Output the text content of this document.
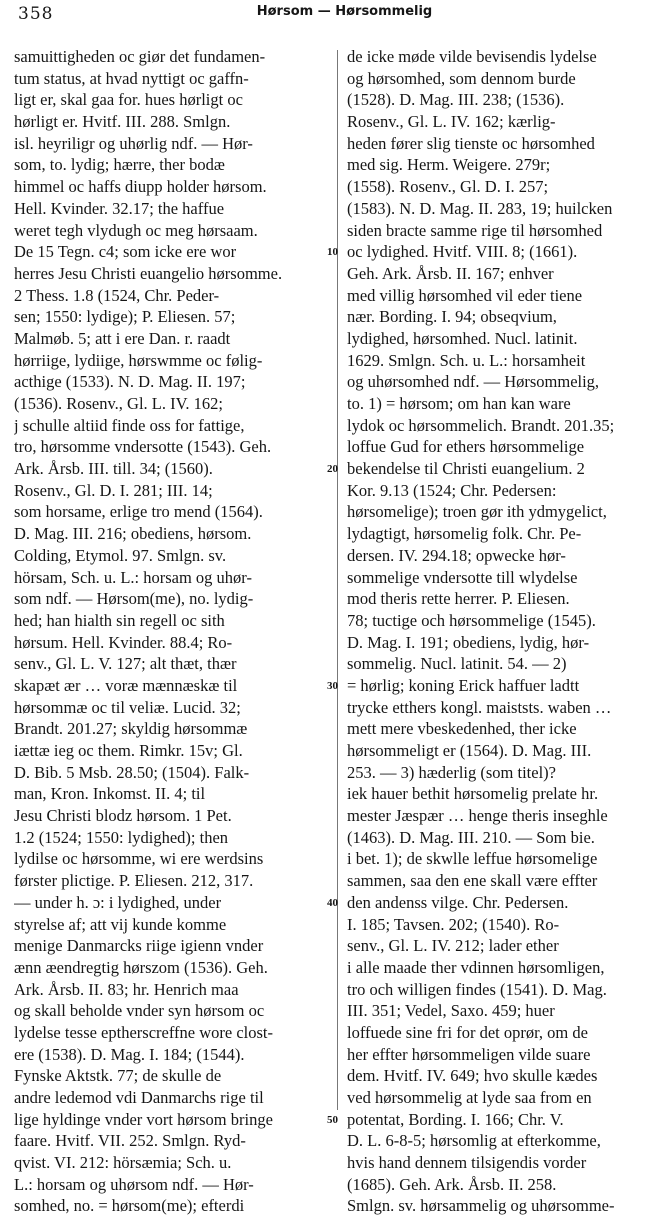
358	Hørsom — Hørsommelig
samuittigheden oc giør det fundamen-
tum status, at hvad nyttigt oc gaffn-
ligt er, skal gaa for. hues hørligt oc
hørligt er. Hvitf. III. 288. Smlgn.
isl. heyriligr og uhørlig ndf. — Hør-
som, to. lydig; hærre, ther bodæ
himmel oc haffs diupp holder hørsom.
Hell. Kvinder. 32.17; the haffue
weret tegh vlydugh oc meg hørsaam.
De 15 Tegn. c4; som icke ere wor
herres Jesu Christi euangelio hørsomme.
2 Thess. 1.8 (1524, Chr. Peder-
sen; 1550: lydige); P. Eliesen. 57;
Malmøb. 5; att i ere Dan. r. raadt
hørriige, lydiige, hørswmme oc følig-
acthige (1533). N. D. Mag. II. 197;
(1536). Rosenv., Gl. L. IV. 162;
j schulle altiid finde oss for fattige,
tro, hørsomme vndersotte (1543). Geh.
Ark. Årsb. III. till. 34; (1560).
Rosenv., Gl. D. I. 281; III. 14;
som horsame, erlige tro mend (1564).
D. Mag. III. 216; obediens, hørsom.
Colding, Etymol. 97. Smlgn. sv.
hörsam, Sch. u. L.: horsam og uhør-
som ndf. — Hørsom(me), no. lydig-
hed; han hialth sin regell oc sith
hørsum. Hell. Kvinder. 88.4; Ro-
senv., Gl. L. V. 127; alt thæt, thær
skapæt ær … voræ mænnæskæ til
hørsommæ oc til veliæ. Lucid. 32;
Brandt. 201.27; skyldig hørsommæ
iættæ ieg oc them. Rimkr. 15v; Gl.
D. Bib. 5 Msb. 28.50; (1504). Falk-
man, Kron. Inkomst. II. 4; til
Jesu Christi blodz hørsom. 1 Pet.
1.2 (1524; 1550: lydighed); then
lydilse oc hørsomme, wi ere werdsins
førster plictige. P. Eliesen. 212, 317.
— under h. ɔ: i lydighed, under
styrelse af; att vij kunde komme
menige Danmarcks riige igienn vnder
ænn æendregtig hørszom (1536). Geh.
Ark. Årsb. II. 83; hr. Henrich maa
og skall beholde vnder syn hørsom oc
lydelse tesse eptherscreffne wore clost-
ere (1538). D. Mag. I. 184; (1544).
Fynske Aktstk. 77; de skulle de
andre ledemod vdi Danmarchs rige til
lige hyldinge vnder vort hørsom bringe
faare. Hvitf. VII. 252. Smlgn. Ryd-
qvist. VI. 212: hörsæmia; Sch. u.
L.: horsam og uhørsom ndf. — Hør-
somhed, no. = hørsom(me); efterdi
de icke møde vilde bevisendis lydelse
og hørsomhed, som dennom burde
(1528). D. Mag. III. 238; (1536).
Rosenv., Gl. L. IV. 162; kærlig-
heden fører slig tienste oc hørsomhed
med sig. Herm. Weigere. 279r;
(1558). Rosenv., Gl. D. I. 257;
(1583). N. D. Mag. II. 283, 19; huilcken
siden bracte samme rige til hørsomhed
oc lydighed. Hvitf. VIII. 8; (1661).
Geh. Ark. Årsb. II. 167; enhver
med villig hørsomhed vil eder tiene
nær. Bording. I. 94; obseqvium,
lydighed, hørsomhed. Nucl. latinit.
1629. Smlgn. Sch. u. L.: horsamheit
og uhørsomhed ndf. — Hørsommelig,
to. 1) = hørsom; om han kan ware
lydok oc hørsommelich. Brandt. 201.35;
loffue Gud for ethers hørsommelige
bekendelse til Christi euangelium. 2
Kor. 9.13 (1524; Chr. Pedersen:
hørsomelige); troen gør ith ydmygelict,
lydagtigt, hørsomelig folk. Chr. Pe-
dersen. IV. 294.18; opwecke hør-
sommelige vndersotte till wlydelse
mod theris rette herrer. P. Eliesen.
78; tuctige och hørsommelige (1545).
D. Mag. I. 191; obediens, lydig, hør-
sommelig. Nucl. latinit. 54. — 2)
= hørlig; koning Erick haffuer ladtt
trycke etthers kongl. maiststs. waben …
mett mere vbeskedenhed, ther icke
hørsommeligt er (1564). D. Mag. III.
253. — 3) hæderlig (som titel)?
iek hauer bethit hørsomelig prelate hr.
mester Jæspær … henge theris inseghle
(1463). D. Mag. III. 210. — Som bie.
i bet. 1); de skwlle leffue hørsomelige
sammen, saa den ene skall være effter
den andenss vilge. Chr. Pedersen.
I. 185; Tavsen. 202; (1540). Ro-
senv., Gl. L. IV. 212; lader ether
i alle maade ther vdinnen hørsomligen,
tro och willigen findes (1541). D. Mag.
III. 351; Vedel, Saxo. 459; huer
loffuede sine fri for det oprør, om de
her effter hørsommeligen vilde suare
dem. Hvitf. IV. 649; hvo skulle kædes
ved hørsommelig at lyde saa from en
potentat, Bording. I. 166; Chr. V.
D. L. 6-8-5; hørsomlig at efterkomme,
hvis hand dennem tilsigendis vorder
(1685). Geh. Ark. Årsb. II. 258.
Smlgn. sv. hørsammelig og uhørsomme-
10
20
30
40
50
